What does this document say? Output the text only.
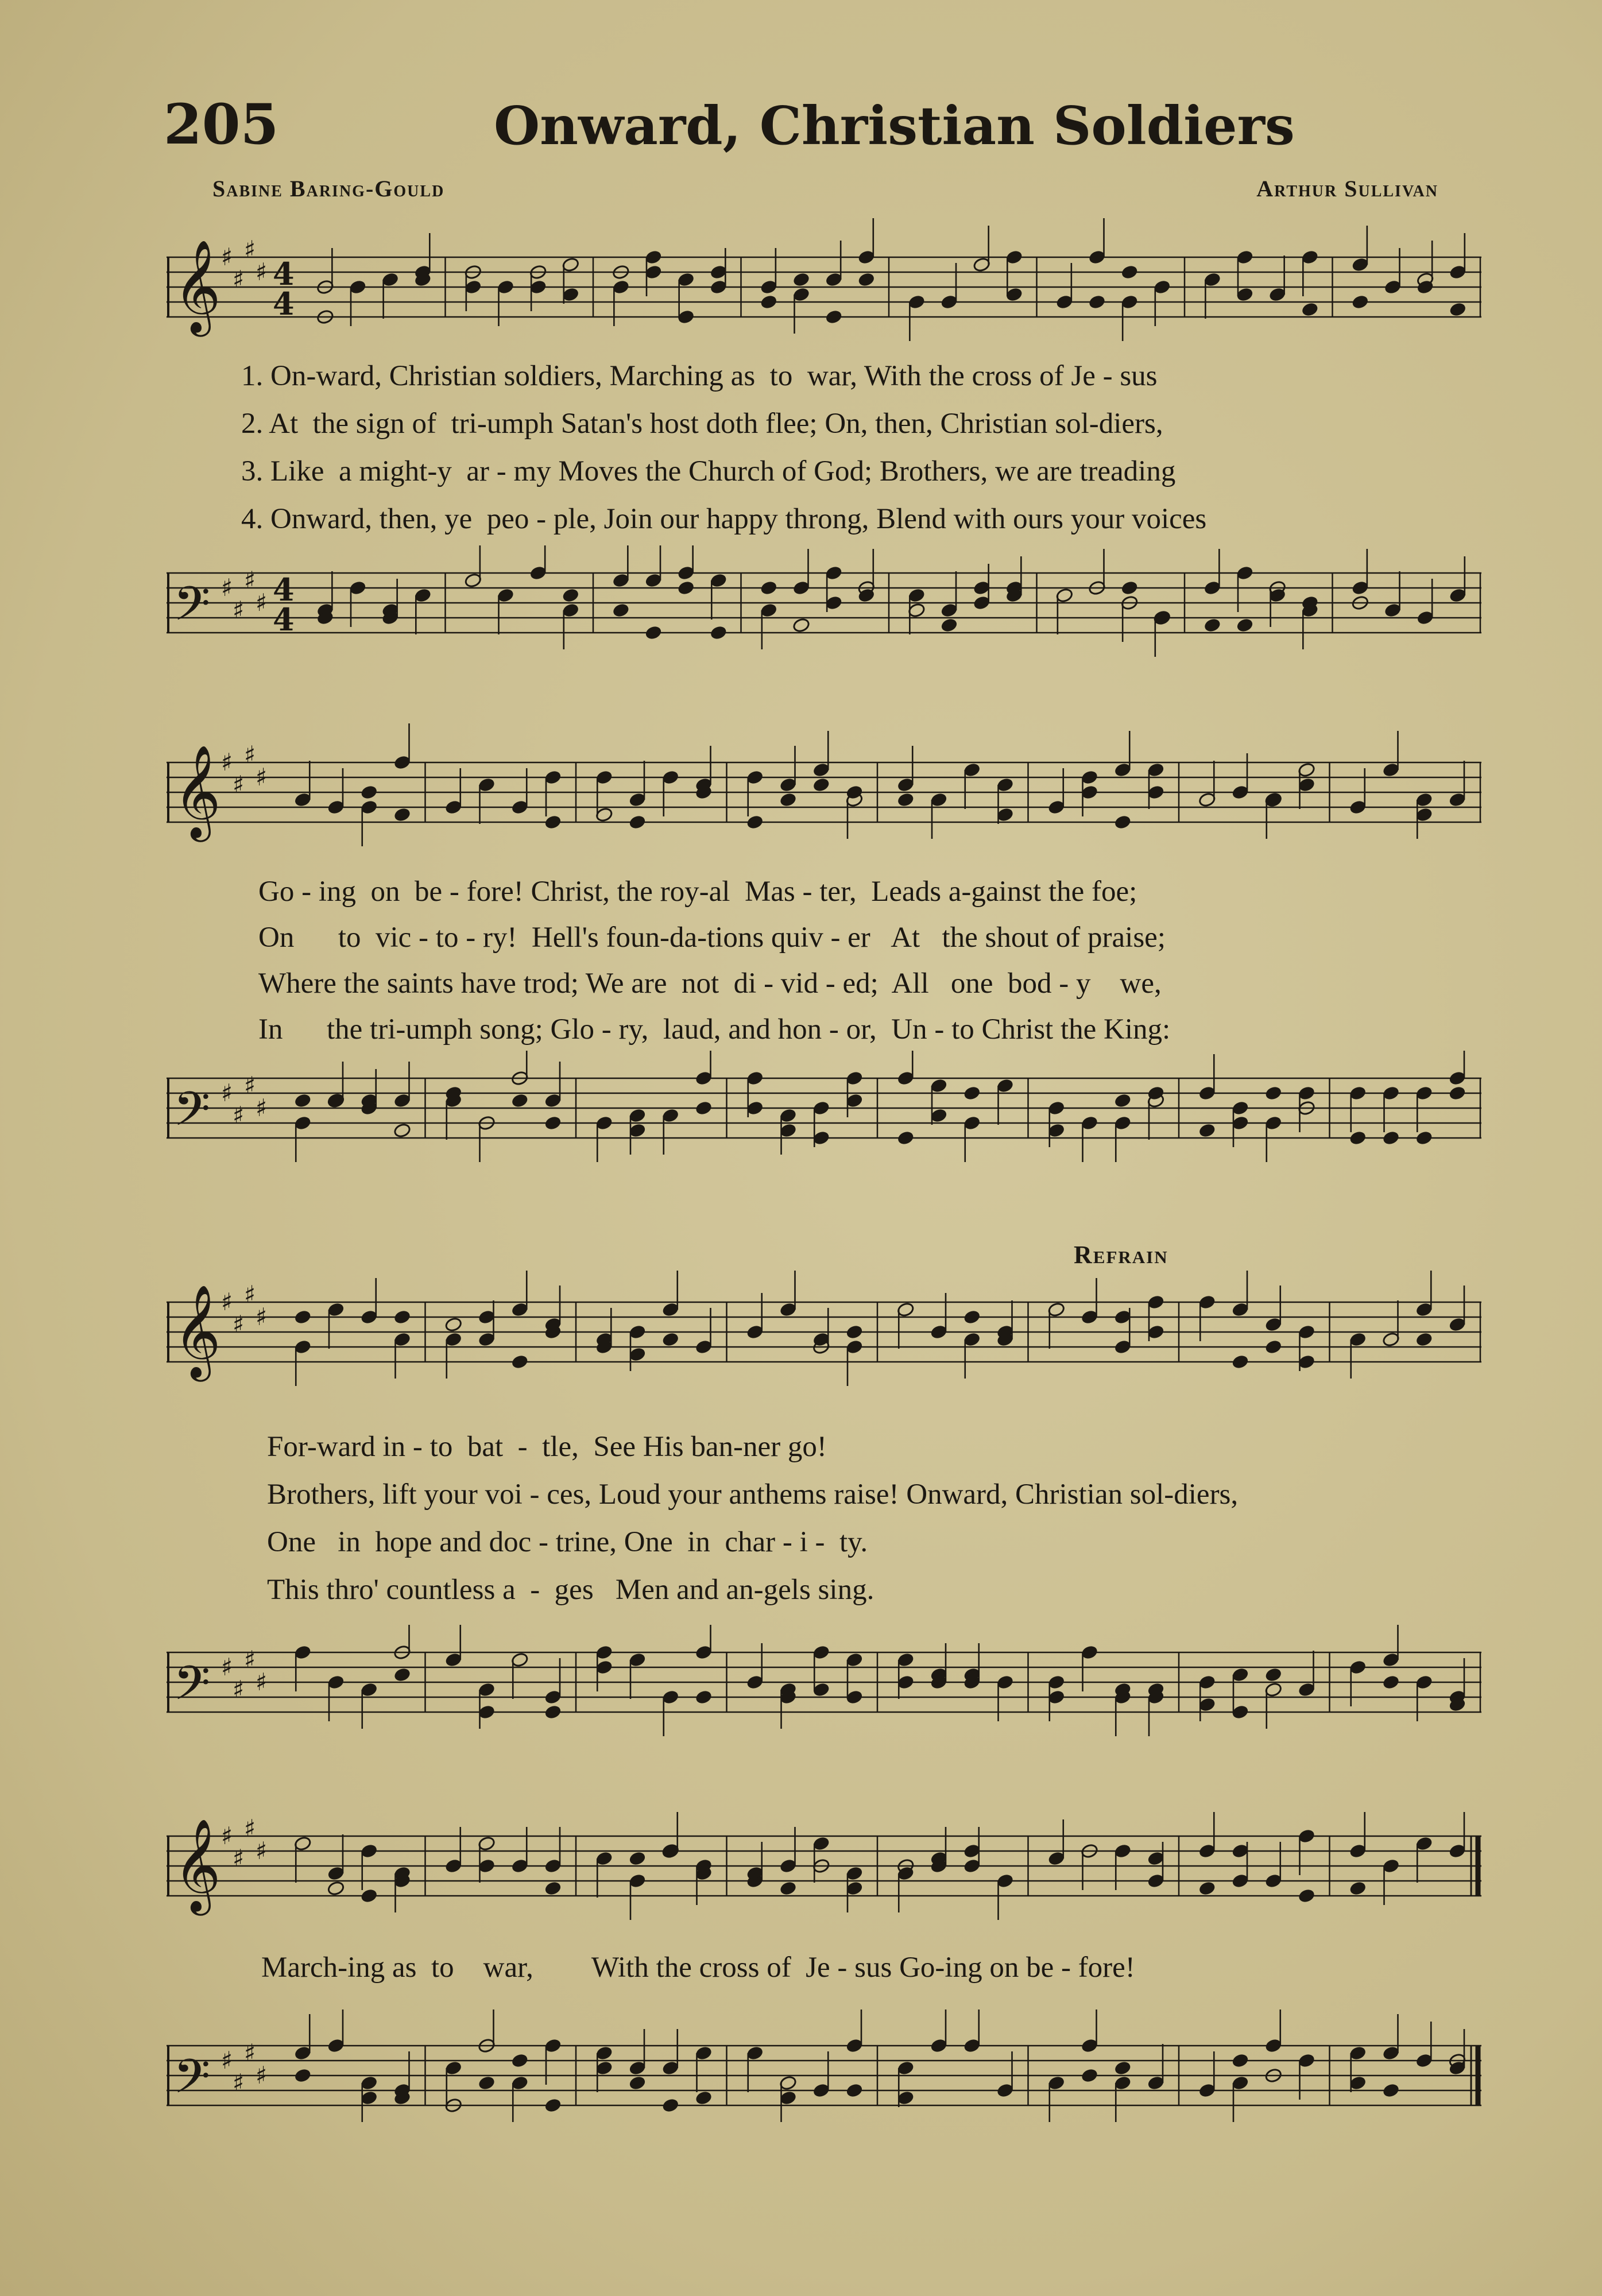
205	Onward, Christian Soldiers
Sabine Baring-Gould	Arthur Sullivan
𝄞 ♯
♯
♯
♯ 4
4
1. On-ward, Christian soldiers, Marching as  to  war, With the cross of Je - sus
2. At  the sign of  tri-umph Satan's host doth flee; On, then, Christian sol-diers,
3. Like  a might-y  ar - my Moves the Church of God; Brothers, we are treading
4. Onward, then, ye  peo - ple, Join our happy throng, Blend with ours your voices
𝄢 ♯
♯
♯
♯ 4
4
𝄞 ♯
♯
♯
♯
Go - ing  on  be - fore! Christ, the roy-al  Mas - ter,  Leads a-gainst the foe;
On      to  vic - to - ry!  Hell's foun-da-tions quiv - er   At   the shout of praise;
Where the saints have trod; We are  not  di - vid - ed;  All   one  bod - y    we,
In      the tri-umph song; Glo - ry,  laud, and hon - or,  Un - to Christ the King:
𝄢 ♯
♯
♯
♯
Refrain
𝄞 ♯
♯
♯
♯
For-ward in - to  bat  -  tle,  See His ban-ner go!
Brothers, lift your voi - ces, Loud your anthems raise! Onward, Christian sol-diers,
One   in  hope and doc - trine, One  in  char - i -  ty.
This thro' countless a  -  ges   Men and an-gels sing.
𝄢 ♯
♯
♯
♯
𝄞 ♯
♯
♯
♯
March-ing as  to    war,        With the cross of  Je - sus Go-ing on be - fore!
𝄢 ♯
♯
♯
♯
